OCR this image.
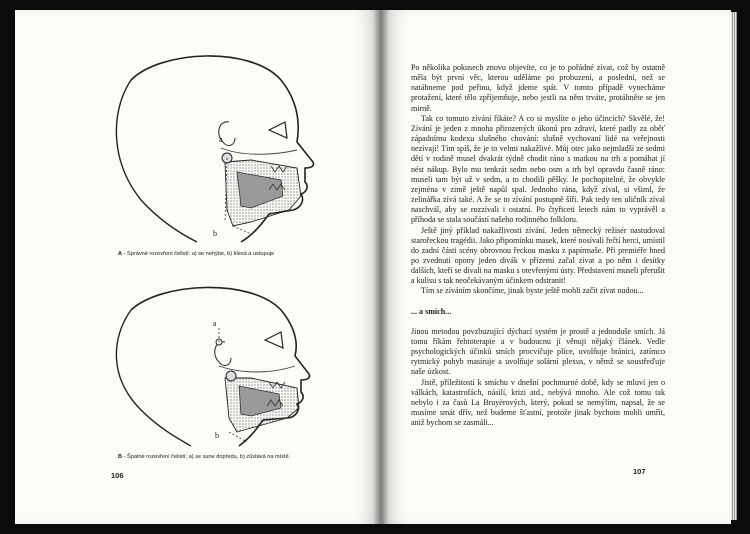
a
b
A - Správné rozevření čelistí: a) se nehýbe, b) klesá a ustupuje
a
b
B - Špatné rozevření čelistí: a) se sune dopředu, b) zůstává na místě.
106

Po několika pokusech znovu objevíte, co je to pořádné zívat, což by ostatně měla být první věc, kterou uděláme po probuzení, a poslední, než se natáhneme pod peřinu, když jdeme spát. V tomto případě vynecháme protažení, které tělo zpříjemňuje, nebo jestli na něm trváte, protáhněte se jen mírně.

Tak co tomuto zívání říkáte? A co si myslíte o jeho účincích? Skvělé, že! Zívání je jeden z mnoha přirozených úkonů pro zdraví, které padly za oběť západnímu kodexu slušného chování: slušně vychovaní lidé na veřejnosti nezívají! Tím spíš, že je to velmi nakažlivé. Můj otec jako nejmladší ze sedmi dětí v rodině musel dvakrát týdně chodit ráno s matkou na trh a pomáhat jí nést nákup. Bylo mu tenkrát sedm nebo osm a trh byl opravdu časně ráno: museli tam být už v sedm, a to chodili pěšky. Je pochopitelné, že obvykle zejména v zimě ještě napůl spal. Jednoho rána, když zíval, si všiml, že zelinářka zívá také. A že se to zívání postupně šíří. Pak tedy ten uličník zíval naschvál, aby se rozzívali i ostatní. Po čtyřiceti letech nám to vyprávěl a příhoda se stala součástí našeho rodinného folkloru.

Ještě jiný příklad nakažlivosti zívání. Jeden německý režisér nastudoval starořeckou tragédii. Jako připomínku masek, které nosívali řečtí herci, umístil do zadní části scény obrovnou řeckou masku z papírmaše. Při premiéře hned po zvednutí opony jeden divák v přízemí začal zívat a po něm i desítky dalších, kteří se dívali na masku s otevřenými ústy. Představení museli přerušit a kulisu s tak neočekávaným účinkem odstranit!

Tím se zíváním skončíme, jinak byste ještě mohli začít zívat nudou...

... a smích...

Jinou metodou povzbuzující dýchací systém je prostě a jednoduše smích. Já tomu říkám řehtoterapie a v budoucnu jí věnuji nějaký článek. Vedle psychologických účinků smích procvičuje plíce, uvolňuje bránici, zatímco rytmický pohyb masíruje a uvolňuje solární plexus, v němž se soustřeďuje naše úzkost.

Jistě, příležitostí k smíchu v dnešní pochmurné době, kdy se mluví jen o válkách, katastrofách, násilí, krizi atd., nebývá mnoho. Ale což tomu tak nebylo i za časů La Bruyèrových, který, pokud se nemýlím, napsal, že se musíme smát dřív, než budeme šťastní, protože jinak bychom mohli umřít, aniž bychom se zasmáli...

107
